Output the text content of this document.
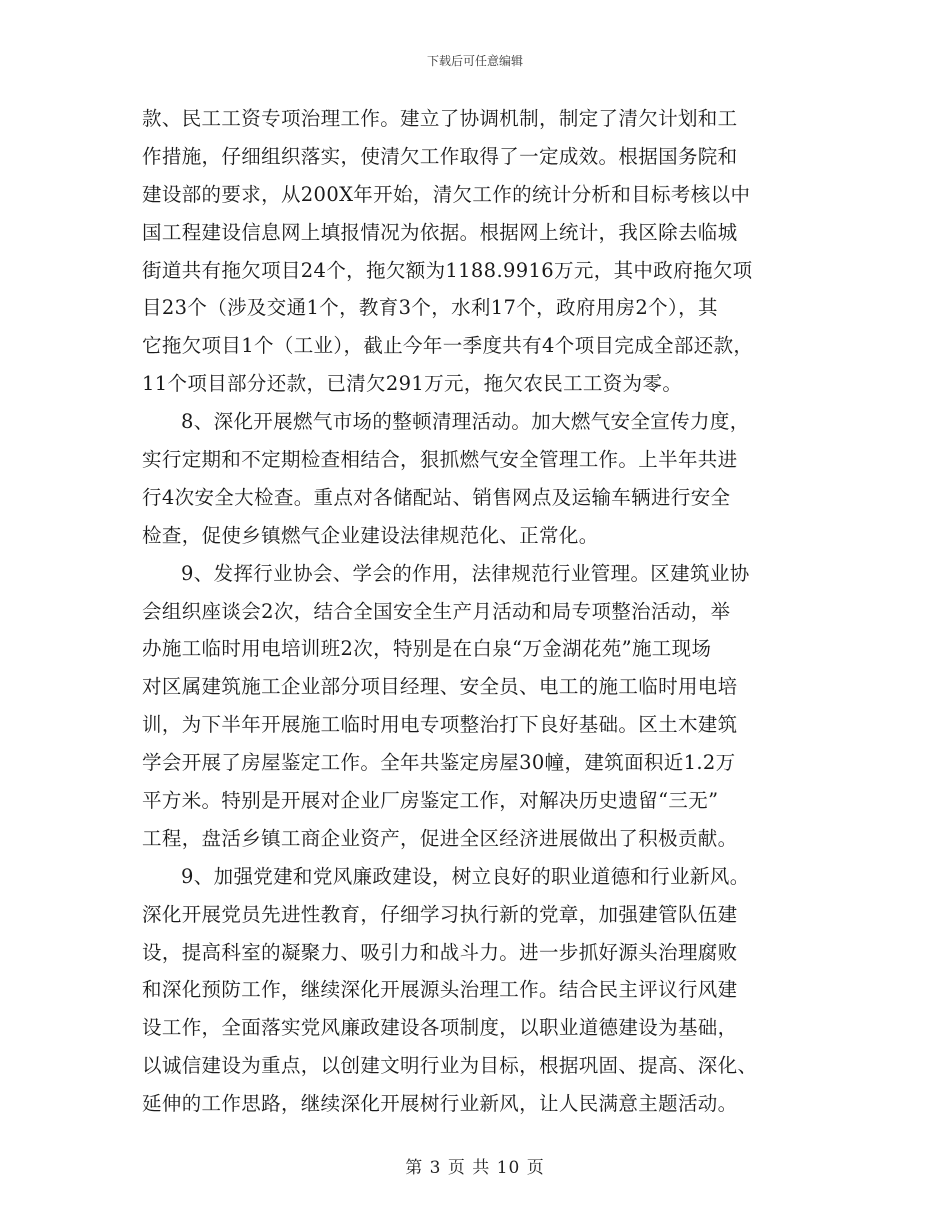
下载后可任意编辑
款、民工工资专项治理工作。建立了协调机制，制定了清欠计划和工
作措施，仔细组织落实，使清欠工作取得了一定成效。根据国务院和
建设部的要求，从200X年开始，清欠工作的统计分析和目标考核以中
国工程建设信息网上填报情况为依据。根据网上统计，我区除去临城
街道共有拖欠项目24个，拖欠额为1188.9916万元，其中政府拖欠项
目23个（涉及交通1个，教育3个，水利17个，政府用房2个），其
它拖欠项目1个（工业），截止今年一季度共有4个项目完成全部还款，
11个项目部分还款，已清欠291万元，拖欠农民工工资为零。
8、深化开展燃气市场的整顿清理活动。加大燃气安全宣传力度，
实行定期和不定期检查相结合，狠抓燃气安全管理工作。上半年共进
行4次安全大检查。重点对各储配站、销售网点及运输车辆进行安全
检查，促使乡镇燃气企业建设法律规范化、正常化。
9、发挥行业协会、学会的作用，法律规范行业管理。区建筑业协
会组织座谈会2次，结合全国安全生产月活动和局专项整治活动，举
办施工临时用电培训班2次，特别是在白泉“万金湖花苑”施工现场
对区属建筑施工企业部分项目经理、安全员、电工的施工临时用电培
训，为下半年开展施工临时用电专项整治打下良好基础。区土木建筑
学会开展了房屋鉴定工作。全年共鉴定房屋30幢，建筑面积近1.2万
平方米。特别是开展对企业厂房鉴定工作，对解决历史遗留“三无”
工程，盘活乡镇工商企业资产，促进全区经济进展做出了积极贡献。
9、加强党建和党风廉政建设，树立良好的职业道德和行业新风。
深化开展党员先进性教育，仔细学习执行新的党章，加强建管队伍建
设，提高科室的凝聚力、吸引力和战斗力。进一步抓好源头治理腐败
和深化预防工作，继续深化开展源头治理工作。结合民主评议行风建
设工作，全面落实党风廉政建设各项制度，以职业道德建设为基础，
以诚信建设为重点，以创建文明行业为目标，根据巩固、提高、深化、
延伸的工作思路，继续深化开展树行业新风，让人民满意主题活动。
第 3 页 共 10 页
